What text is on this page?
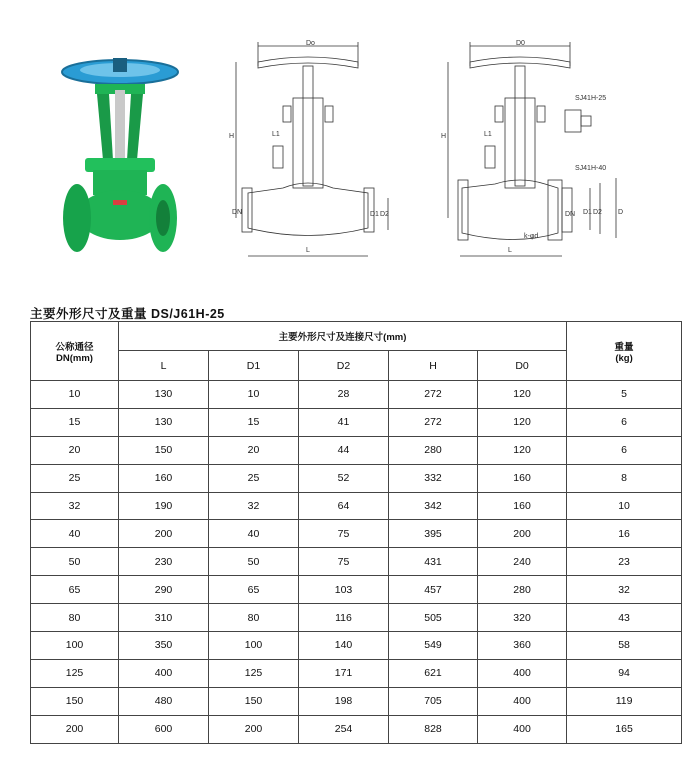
Do
H	L1
DN	D1 D2
L
D0
H	L1
SJ41H-25
SJ41H-40
DN D1 D2 D
k-φd
L
主要外形尺寸及重量 DS/J61H-25
公称通径
DN(mm)	主要外形尺寸及连接尺寸(mm)					重量
(kg)
	L	D1	D2	H	D0	
10	130	10	28	272	120	5
15	130	15	41	272	120	6
20	150	20	44	280	120	6
25	160	25	52	332	160	8
32	190	32	64	342	160	10
40	200	40	75	395	200	16
50	230	50	75	431	240	23
65	290	65	103	457	280	32
80	310	80	116	505	320	43
100	350	100	140	549	360	58
125	400	125	171	621	400	94
150	480	150	198	705	400	119
200	600	200	254	828	400	165
